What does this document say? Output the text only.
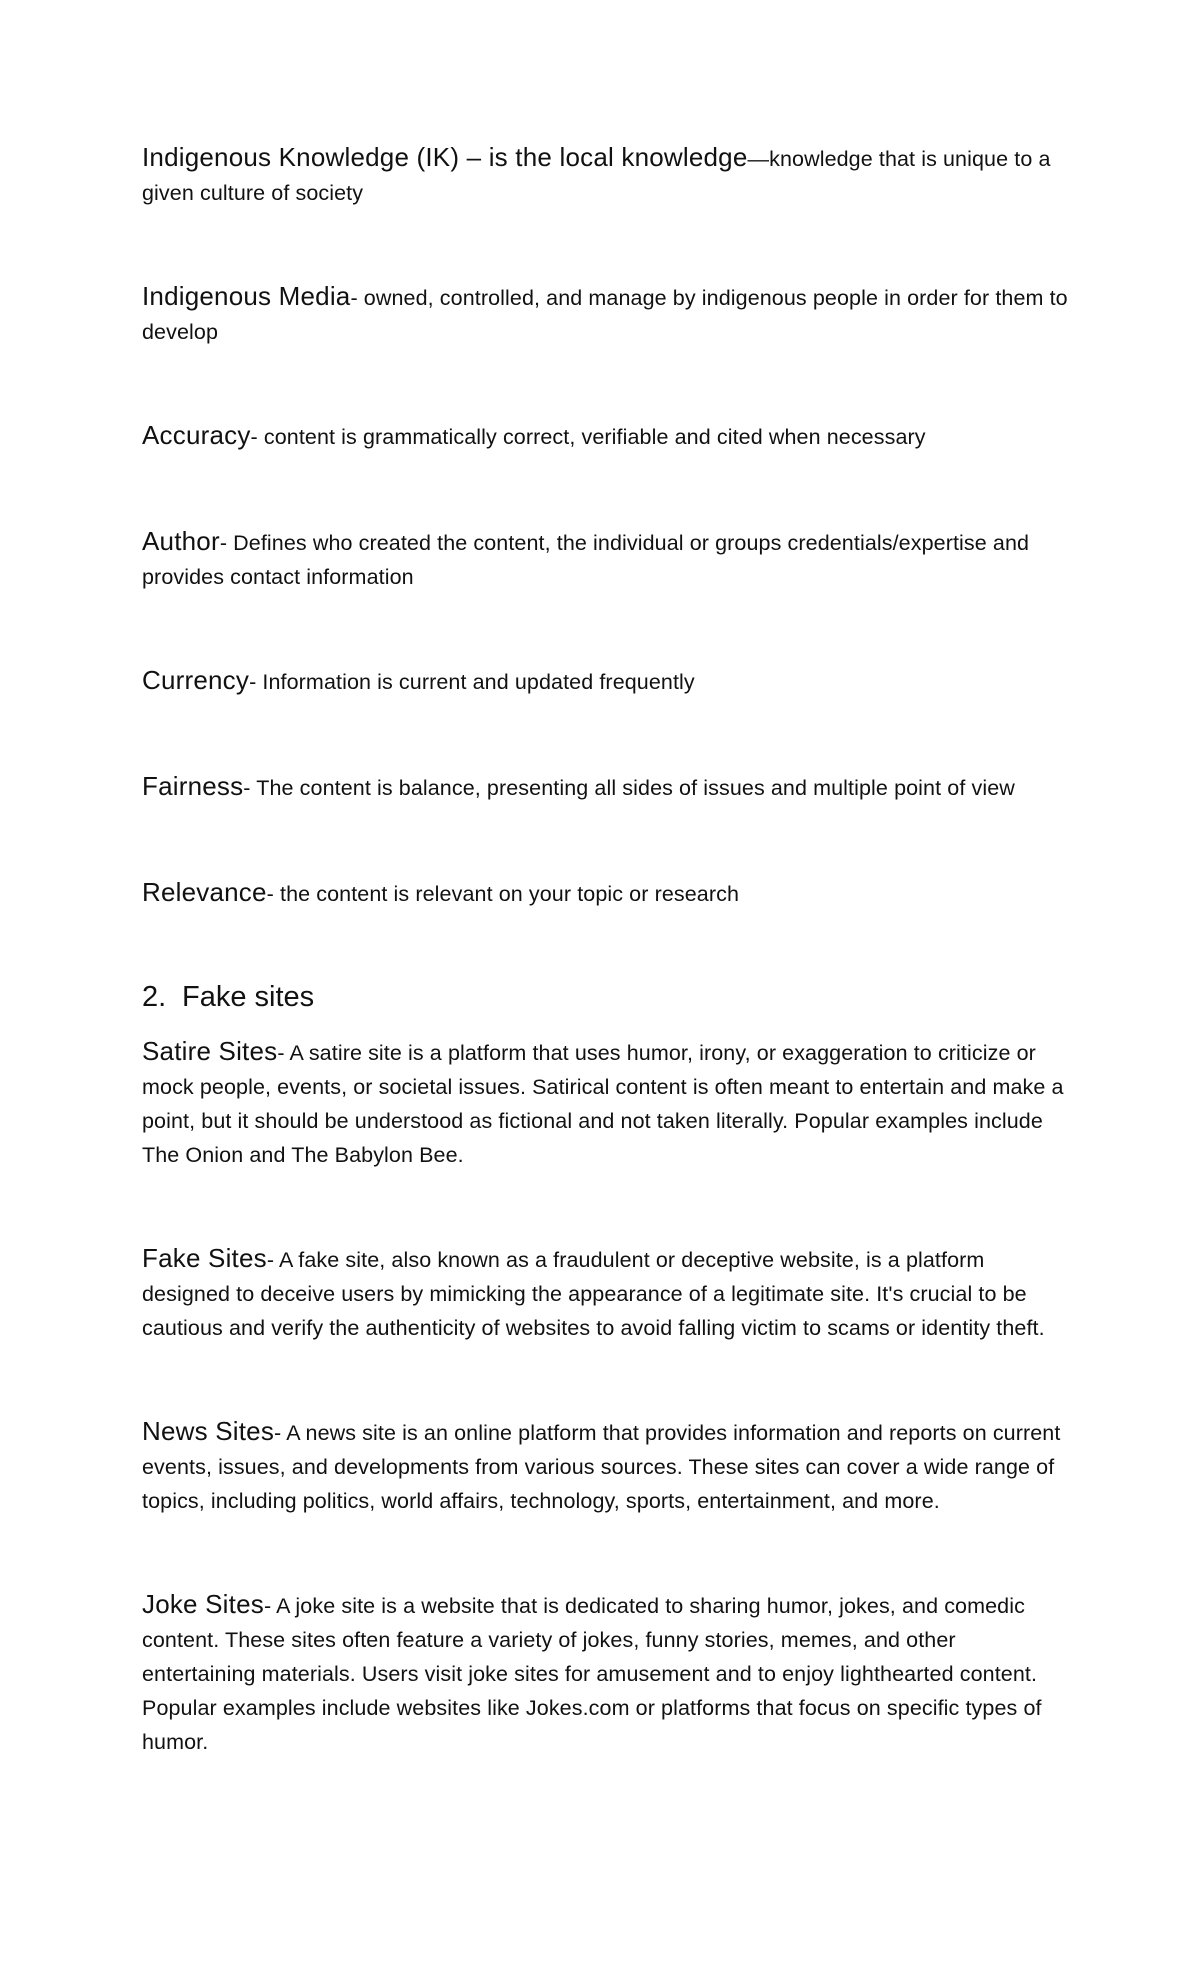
Indigenous Knowledge (IK) – is the local knowledge—knowledge that is unique to a given culture of society

Indigenous Media- owned, controlled, and manage by indigenous people in order for them to develop

Accuracy- content is grammatically correct, verifiable and cited when necessary

Author- Defines who created the content, the individual or groups credentials/expertise and provides contact information

Currency- Information is current and updated frequently

Fairness- The content is balance, presenting all sides of issues and multiple point of view

Relevance- the content is relevant on your topic or research

2. Fake sites

Satire Sites- A satire site is a platform that uses humor, irony, or exaggeration to criticize or mock people, events, or societal issues. Satirical content is often meant to entertain and make a point, but it should be understood as fictional and not taken literally. Popular examples include The Onion and The Babylon Bee.

Fake Sites- A fake site, also known as a fraudulent or deceptive website, is a platform designed to deceive users by mimicking the appearance of a legitimate site. It's crucial to be cautious and verify the authenticity of websites to avoid falling victim to scams or identity theft.

News Sites- A news site is an online platform that provides information and reports on current events, issues, and developments from various sources. These sites can cover a wide range of topics, including politics, world affairs, technology, sports, entertainment, and more.

Joke Sites- A joke site is a website that is dedicated to sharing humor, jokes, and comedic content. These sites often feature a variety of jokes, funny stories, memes, and other entertaining materials. Users visit joke sites for amusement and to enjoy lighthearted content. Popular examples include websites like Jokes.com or platforms that focus on specific types of humor.
